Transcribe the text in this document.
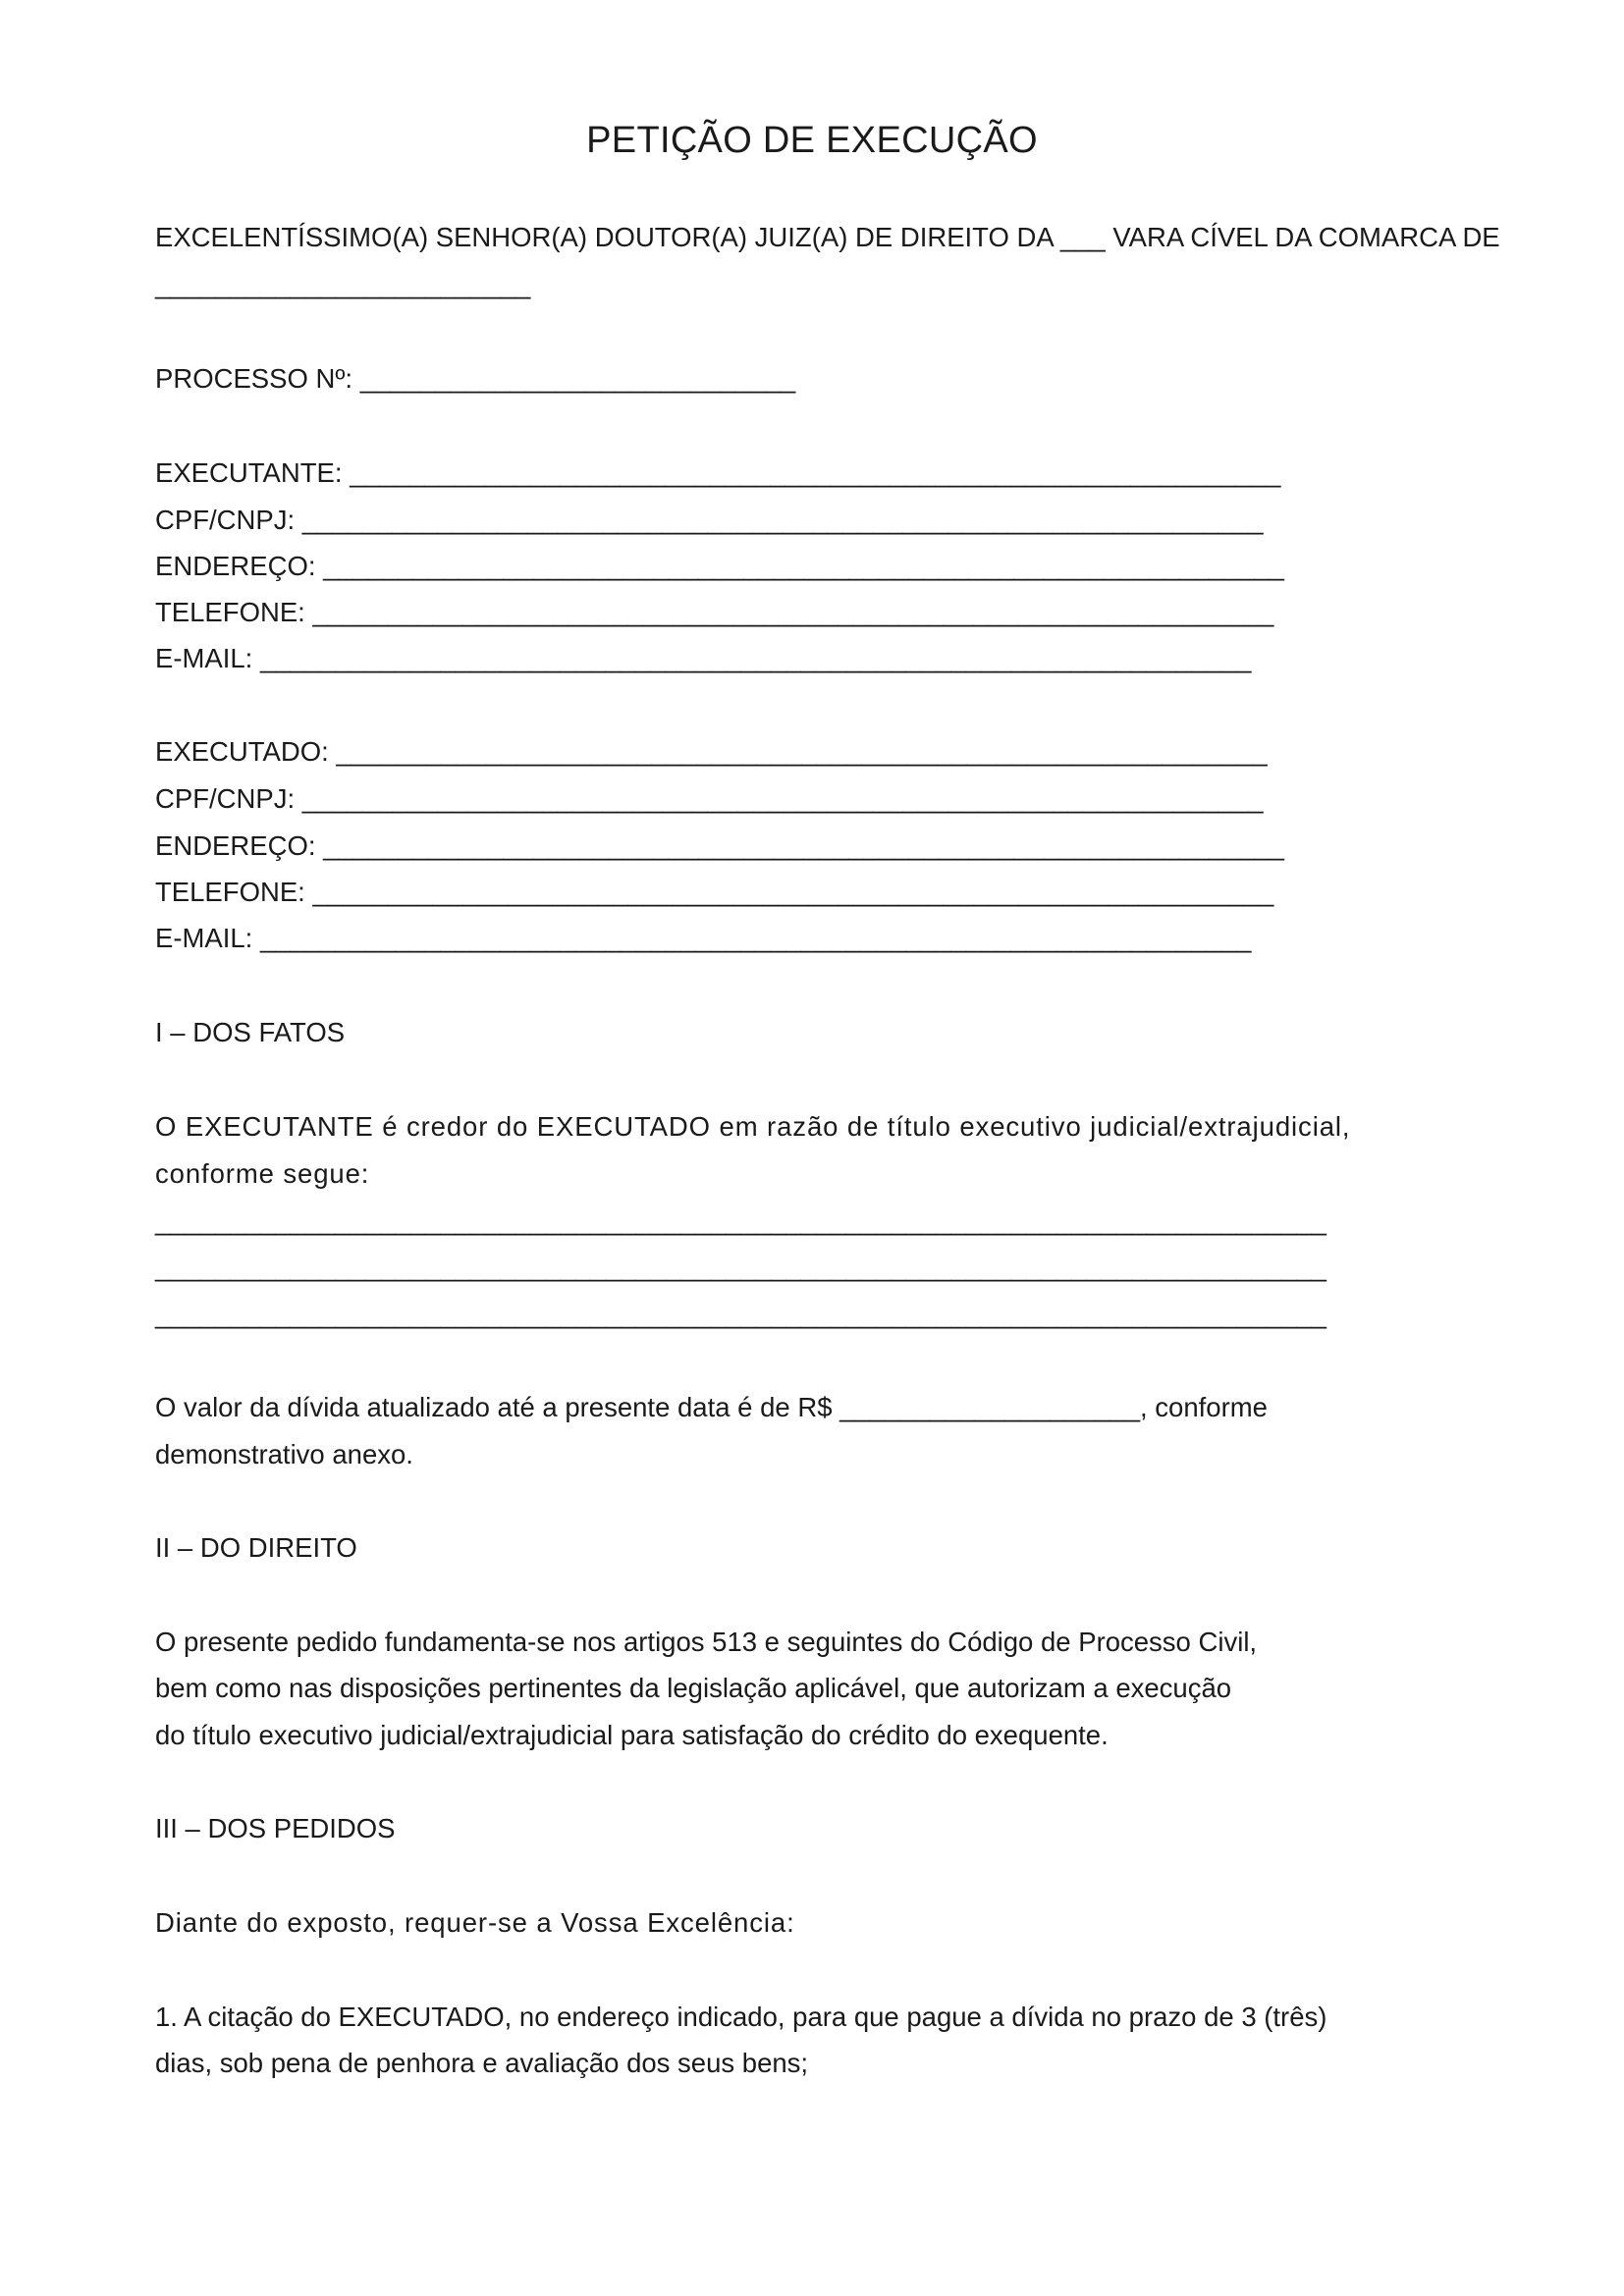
PETIÇÃO DE EXECUÇÃO
EXCELENTÍSSIMO(A) SENHOR(A) DOUTOR(A) JUIZ(A) DE DIREITO DA ___ VARA CÍVEL DA COMARCA DE
_________________________
PROCESSO Nº: _____________________________
EXECUTANTE: ______________________________________________________________
CPF/CNPJ: ________________________________________________________________
ENDEREÇO: ________________________________________________________________
TELEFONE: ________________________________________________________________
E-MAIL: __________________________________________________________________
EXECUTADO: ______________________________________________________________
CPF/CNPJ: ________________________________________________________________
ENDEREÇO: ________________________________________________________________
TELEFONE: ________________________________________________________________
E-MAIL: __________________________________________________________________
I – DOS FATOS
O EXECUTANTE é credor do EXECUTADO em razão de título executivo judicial/extrajudicial,
conforme segue:
______________________________________________________________________________
______________________________________________________________________________
______________________________________________________________________________
O valor da dívida atualizado até a presente data é de R$ ____________________, conforme
demonstrativo anexo.
II – DO DIREITO
O presente pedido fundamenta-se nos artigos 513 e seguintes do Código de Processo Civil,
bem como nas disposições pertinentes da legislação aplicável, que autorizam a execução
do título executivo judicial/extrajudicial para satisfação do crédito do exequente.
III – DOS PEDIDOS
Diante do exposto, requer-se a Vossa Excelência:
1. A citação do EXECUTADO, no endereço indicado, para que pague a dívida no prazo de 3 (três)
dias, sob pena de penhora e avaliação dos seus bens;
